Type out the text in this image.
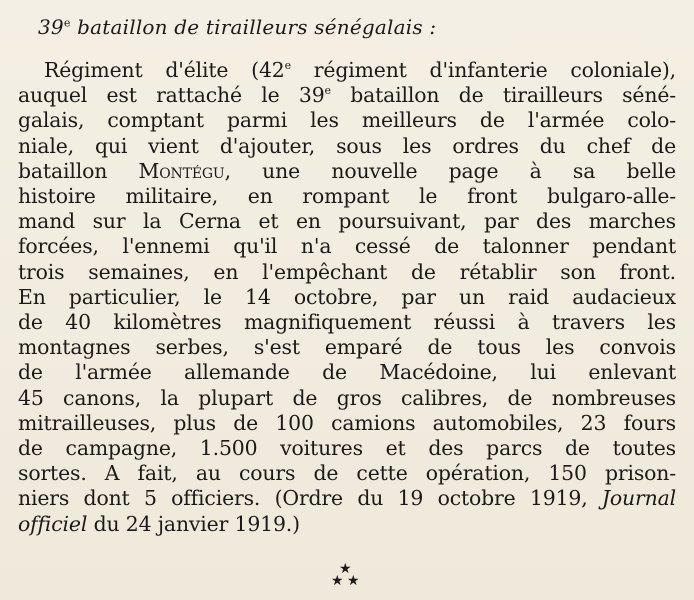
39e bataillon de tirailleurs sénégalais :
Régiment d'élite (42e régiment d'infanterie coloniale),
auquel est rattaché le 39e bataillon de tirailleurs séné-
galais, comptant parmi les meilleurs de l'armée colo-
niale, qui vient d'ajouter, sous les ordres du chef de
bataillon Montégu, une nouvelle page à sa belle
histoire militaire, en rompant le front bulgaro-alle-
mand sur la Cerna et en poursuivant, par des marches
forcées, l'ennemi qu'il n'a cessé de talonner pendant
trois semaines, en l'empêchant de rétablir son front.
En particulier, le 14 octobre, par un raid audacieux
de 40 kilomètres magnifiquement réussi à travers les
montagnes serbes, s'est emparé de tous les convois
de l'armée allemande de Macédoine, lui enlevant
45 canons, la plupart de gros calibres, de nombreuses
mitrailleuses, plus de 100 camions automobiles, 23 fours
de campagne, 1.500 voitures et des parcs de toutes
sortes. A fait, au cours de cette opération, 150 prison-
niers dont 5 officiers. (Ordre du 19 octobre 1919, Journal
officiel du 24 janvier 1919.)
★
★ ★
